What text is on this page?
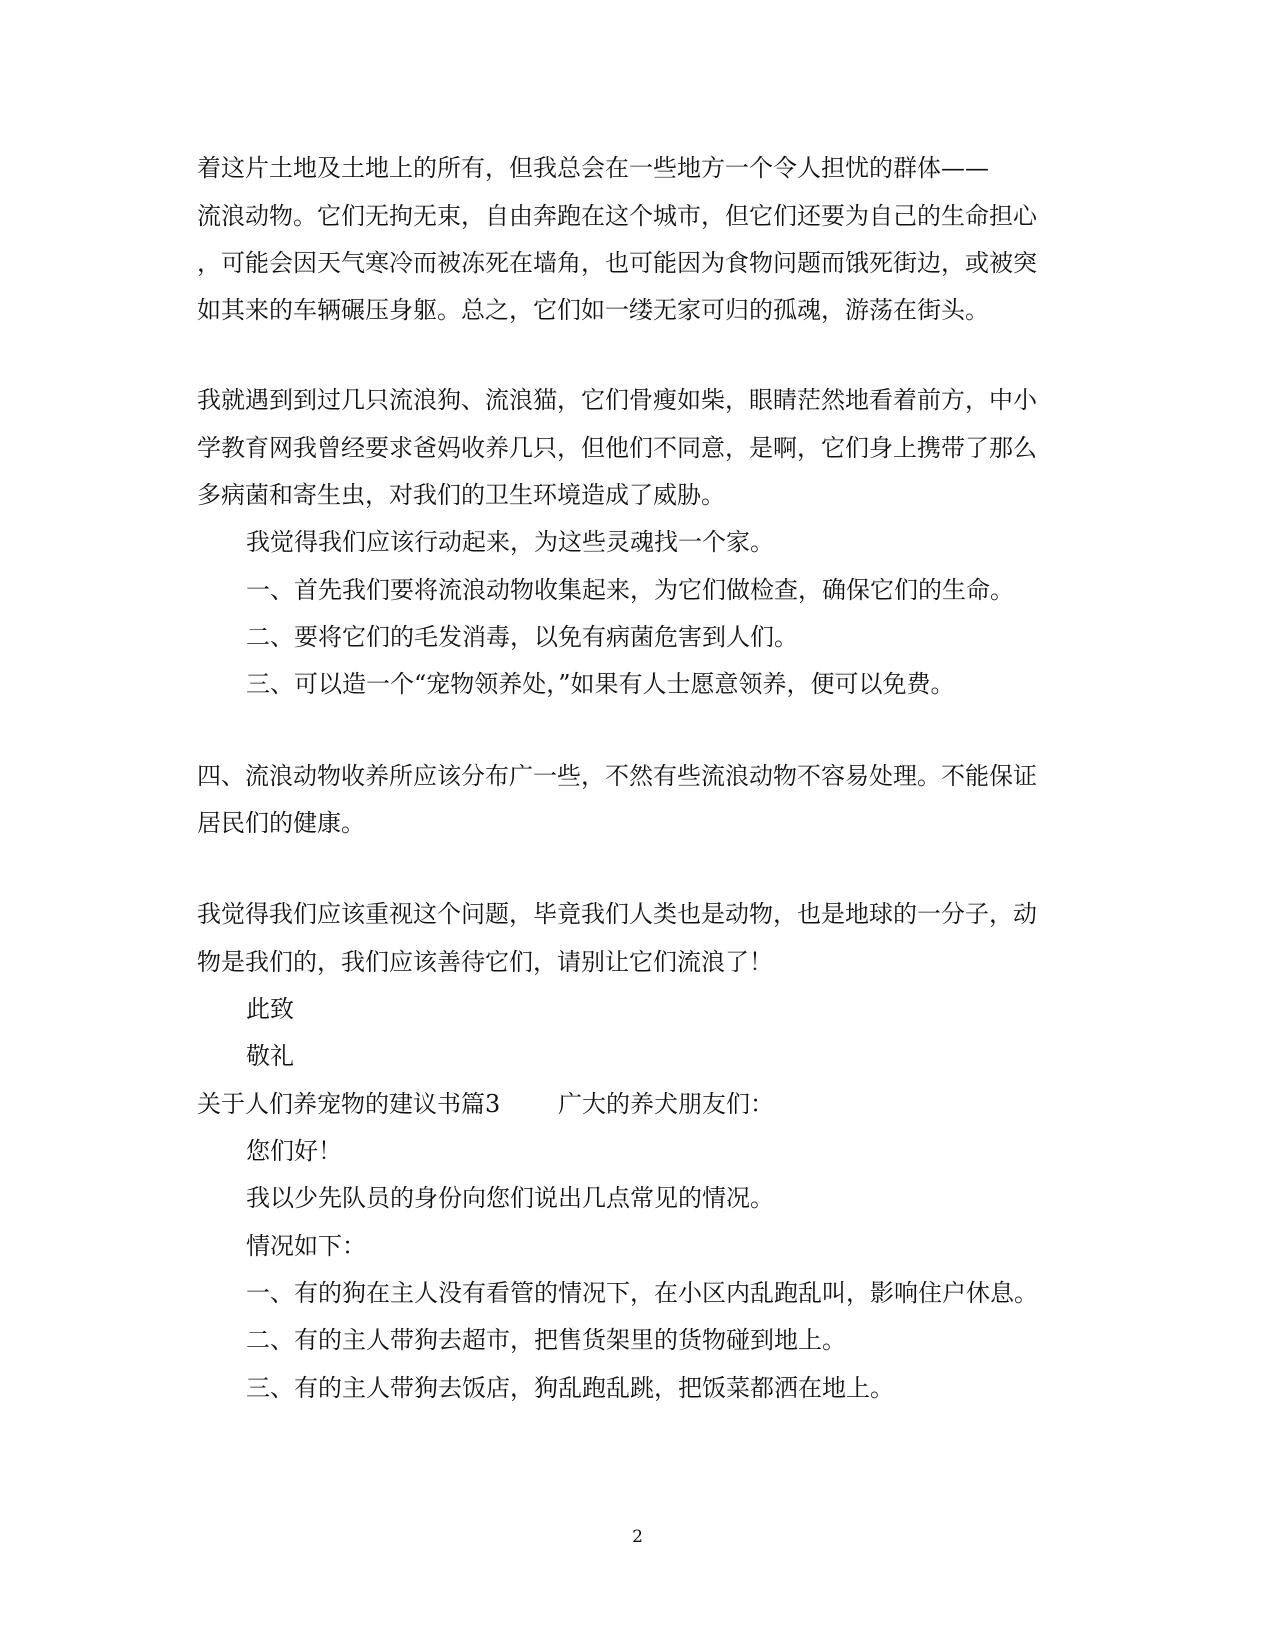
着这片土地及土地上的所有，但我总会在一些地方一个令人担忧的群体——
流浪动物。它们无拘无束，自由奔跑在这个城市，但它们还要为自己的生命担心
，可能会因天气寒冷而被冻死在墙角，也可能因为食物问题而饿死街边，或被突
如其来的车辆碾压身躯。总之，它们如一缕无家可归的孤魂，游荡在街头。
我就遇到到过几只流浪狗、流浪猫，它们骨瘦如柴，眼睛茫然地看着前方，中小
学教育网我曾经要求爸妈收养几只，但他们不同意，是啊，它们身上携带了那么
多病菌和寄生虫，对我们的卫生环境造成了威胁。
我觉得我们应该行动起来，为这些灵魂找一个家。
一、首先我们要将流浪动物收集起来，为它们做检查，确保它们的生命。
二、要将它们的毛发消毒，以免有病菌危害到人们。
三、可以造一个“宠物领养处，”如果有人士愿意领养，便可以免费。
四、流浪动物收养所应该分布广一些，不然有些流浪动物不容易处理。不能保证
居民们的健康。
我觉得我们应该重视这个问题，毕竟我们人类也是动物，也是地球的一分子，动
物是我们的，我们应该善待它们，请别让它们流浪了！
此致
敬礼
关于人们养宠物的建议书篇3 广大的养犬朋友们：
您们好！
我以少先队员的身份向您们说出几点常见的情况。
情况如下：
一、有的狗在主人没有看管的情况下，在小区内乱跑乱叫，影响住户休息。
二、有的主人带狗去超市，把售货架里的货物碰到地上。
三、有的主人带狗去饭店，狗乱跑乱跳，把饭菜都洒在地上。
2
